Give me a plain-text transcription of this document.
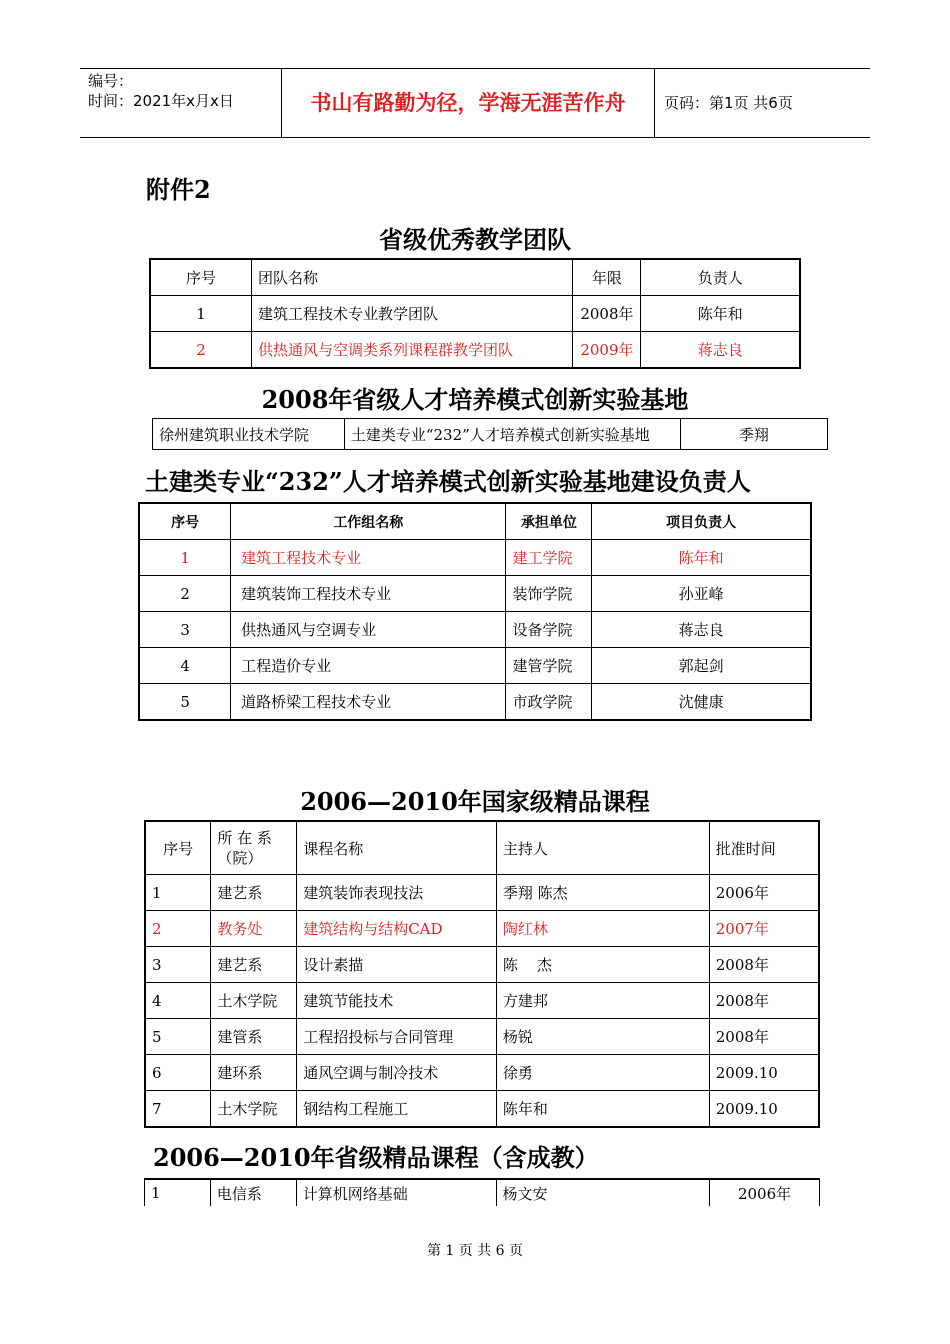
编号：
时间：2021年x月x日	书山有路勤为径，学海无涯苦作舟	页码：第1页 共6页
附件2
省级优秀教学团队
序号	团队名称	年限	负责人
1	建筑工程技术专业教学团队	2008年	陈年和
2	供热通风与空调类系列课程群教学团队	2009年	蒋志良
2008年省级人才培养模式创新实验基地
徐州建筑职业技术学院	土建类专业“232”人才培养模式创新实验基地	季翔
土建类专业“232”人才培养模式创新实验基地建设负责人
序号	工作组名称	承担单位	项目负责人
1	建筑工程技术专业	建工学院	陈年和
2	建筑装饰工程技术专业	装饰学院	孙亚峰
3	供热通风与空调专业	设备学院	蒋志良
4	工程造价专业	建管学院	郭起剑
5	道路桥梁工程技术专业	市政学院	沈健康
2006—2010年国家级精品课程
序号	所 在 系（院）	课程名称	主持人	批准时间
1	建艺系	建筑装饰表现技法	季翔 陈杰	2006年
2	教务处	建筑结构与结构CAD	陶红林	2007年
3	建艺系	设计素描	陈    杰	2008年
4	土木学院	建筑节能技术	方建邦	2008年
5	建管系	工程招投标与合同管理	杨锐	2008年
6	建环系	通风空调与制冷技术	徐勇	2009.10
7	土木学院	钢结构工程施工	陈年和	2009.10
2006—2010年省级精品课程（含成教）
1	电信系	计算机网络基础	杨文安	2006年
第 1 页 共 6 页
